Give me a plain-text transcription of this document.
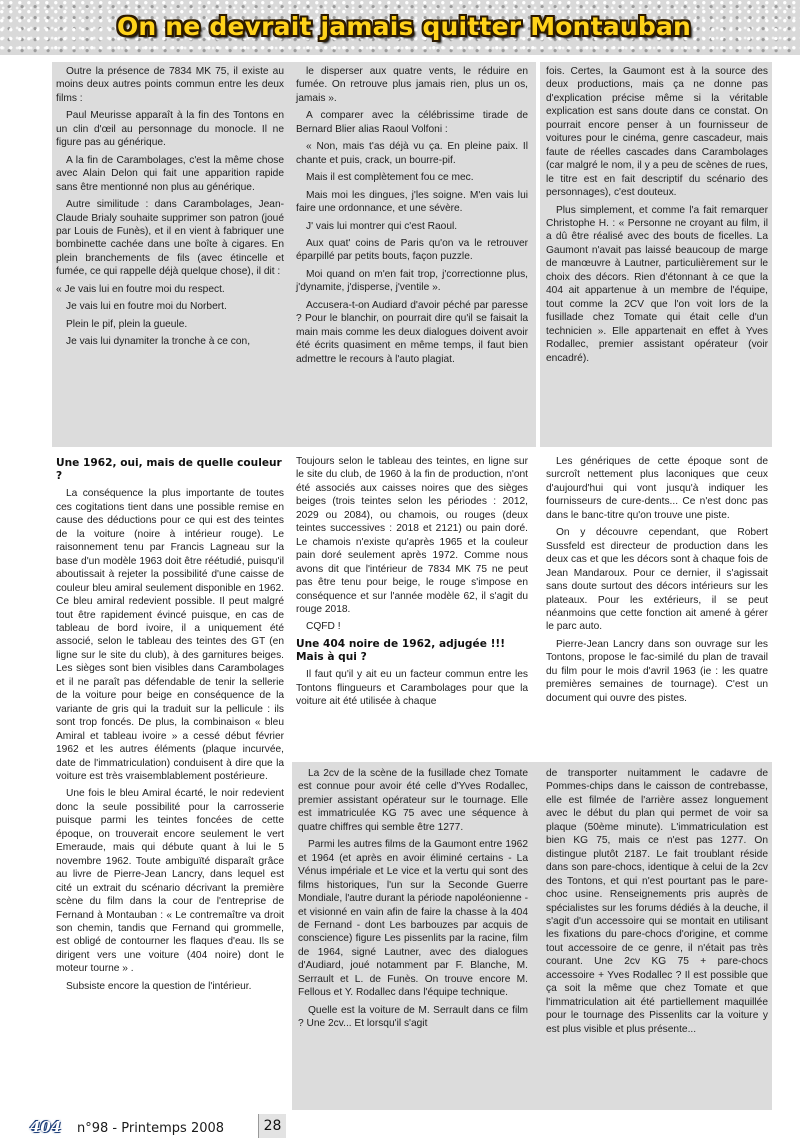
On ne devrait jamais quitter Montauban

Outre la présence de 7834 MK 75, il existe au moins deux autres points commun entre les deux films :

Paul Meurisse apparaît à la fin des Tontons en un clin d'œil au personnage du monocle. Il ne figure pas au générique.

A la fin de Carambolages, c'est la même chose avec Alain Delon qui fait une apparition rapide sans être mentionné non plus au générique.

Autre similitude : dans Carambolages, Jean-Claude Brialy souhaite supprimer son patron (joué par Louis de Funès), et il en vient à fabriquer une bombinette cachée dans une boîte à cigares. En plein branchements de fils (avec étincelle et fumée, ce qui rappelle déjà quelque chose), il dit :

« Je vais lui en foutre moi du respect.

Je vais lui en foutre moi du Norbert.

Plein le pif, plein la gueule.

Je vais lui dynamiter la tronche à ce con,

le disperser aux quatre vents, le réduire en fumée. On retrouve plus jamais rien, plus un os, jamais ».

A comparer avec la célébrissime tirade de Bernard Blier alias Raoul Volfoni :

« Non, mais t'as déjà vu ça. En pleine paix. Il chante et puis, crack, un bourre-pif.

Mais il est complètement fou ce mec.

Mais moi les dingues, j'les soigne. M'en vais lui faire une ordonnance, et une sévère.

J' vais lui montrer qui c'est Raoul.

Aux quat' coins de Paris qu'on va le retrouver éparpillé par petits bouts, façon puzzle.

Moi quand on m'en fait trop, j'correctionne plus, j'dynamite, j'disperse, j'ventile ».

Accusera-t-on Audiard d'avoir péché par paresse ? Pour le blanchir, on pourrait dire qu'il se faisait la main mais comme les deux dialogues doivent avoir été écrits quasiment en même temps, il faut bien admettre le recours à l'auto plagiat.

fois. Certes, la Gaumont est à la source des deux productions, mais ça ne donne pas d'explication précise même si la véritable explication est sans doute dans ce constat. On pourrait encore penser à un fournisseur de voitures pour le cinéma, genre cascadeur, mais faute de réelles cascades dans Carambolages (car malgré le nom, il y a peu de scènes de rues, le titre est en fait descriptif du scénario des personnages), c'est douteux.

Plus simplement, et comme l'a fait remarquer Christophe H. : « Personne ne croyant au film, il a dû être réalisé avec des bouts de ficelles. La Gaumont n'avait pas laissé beaucoup de marge de manœuvre à Lautner, particulièrement sur le choix des décors. Rien d'étonnant à ce que la 404 ait appartenue à un membre de l'équipe, tout comme la 2CV que l'on voit lors de la fusillade chez Tomate qui était celle d'un technicien ». Elle appartenait en effet à Yves Rodallec, premier assistant opérateur (voir encadré).

Une 1962, oui, mais de quelle couleur ?

La conséquence la plus importante de toutes ces cogitations tient dans une possible remise en cause des déductions pour ce qui est des teintes de la voiture (noire à intérieur rouge). Le raisonnement tenu par Francis Lagneau sur la base d'un modèle 1963 doit être réétudié, puisqu'il aboutissait à rejeter la possibilité d'une caisse de couleur bleu amiral seulement disponible en 1962. Ce bleu amiral redevient possible. Il peut malgré tout être rapidement évincé puisque, en cas de tableau de bord ivoire, il a uniquement été associé, selon le tableau des teintes des GT (en ligne sur le site du club), à des garnitures beiges. Les sièges sont bien visibles dans Carambolages et il ne paraît pas défendable de tenir la sellerie de la voiture pour beige en conséquence de la variante de gris qui la traduit sur la pellicule : ils sont trop foncés. De plus, la combinaison « bleu Amiral et tableau ivoire » a cessé début février 1962 et les autres éléments (plaque incurvée, date de l'immatriculation) conduisent à dire que la voiture est très vraisemblablement postérieure.

Une fois le bleu Amiral écarté, le noir redevient donc la seule possibilité pour la carrosserie puisque parmi les teintes foncées de cette époque, on trouverait encore seulement le vert Emeraude, mais qui débute quant à lui le 5 novembre 1962. Toute ambiguïté disparaît grâce au livre de Pierre-Jean Lancry, dans lequel est cité un extrait du scénario décrivant la première scène du film dans la cour de l'entreprise de Fernand à Montauban : « Le contremaître va droit son chemin, tandis que Fernand qui grommelle, est obligé de contourner les flaques d'eau. Ils se dirigent vers une voiture (404 noire) dont le moteur tourne » .

Subsiste encore la question de l'intérieur.

Toujours selon le tableau des teintes, en ligne sur le site du club, de 1960 à la fin de production, n'ont été associés aux caisses noires que des sièges beiges (trois teintes selon les périodes : 2012, 2029 ou 2084), ou chamois, ou rouges (deux teintes successives : 2018 et 2121) ou pain doré. Le chamois n'existe qu'après 1965 et la couleur pain doré seulement après 1972. Comme nous avons dit que l'intérieur de 7834 MK 75 ne peut pas être tenu pour beige, le rouge s'impose en conséquence et sur l'année modèle 62, il s'agit du rouge 2018.

CQFD !

Une 404 noire de 1962, adjugée !!! Mais à qui ?

Il faut qu'il y ait eu un facteur commun entre les Tontons flingueurs et Carambolages pour que la voiture ait été utilisée à chaque

Les génériques de cette époque sont de surcroît nettement plus laconiques que ceux d'aujourd'hui qui vont jusqu'à indiquer les fournisseurs de cure-dents... Ce n'est donc pas dans le banc-titre qu'on trouve une piste.

On y découvre cependant, que Robert Sussfeld est directeur de production dans les deux cas et que les décors sont à chaque fois de Jean Mandaroux. Pour ce dernier, il s'agissait sans doute surtout des décors intérieurs sur les plateaux. Pour les extérieurs, il se peut néanmoins que cette fonction ait amené à gérer le parc auto.

Pierre-Jean Lancry dans son ouvrage sur les Tontons, propose le fac-similé du plan de travail du film pour le mois d'avril 1963 (ie : les quatre premières semaines de tournage). C'est un document qui ouvre des pistes.

La 2cv de la scène de la fusillade chez Tomate est connue pour avoir été celle d'Yves Rodallec, premier assistant opérateur sur le tournage. Elle est immatriculée KG 75 avec une séquence à quatre chiffres qui semble être 1277.

Parmi les autres films de la Gaumont entre 1962 et 1964 (et après en avoir éliminé certains - La Vénus impériale et Le vice et la vertu qui sont des films historiques, l'un sur la Seconde Guerre Mondiale, l'autre durant la période napoléonienne - et visionné en vain afin de faire la chasse à la 404 de Fernand - dont Les barbouzes par acquis de conscience) figure Les pissenlits par la racine, film de 1964, signé Lautner, avec des dialogues d'Audiard, joué notamment par F. Blanche, M. Serrault et L. de Funès. On trouve encore M. Fellous et Y. Rodallec dans l'équipe technique.

Quelle est la voiture de M. Serrault dans ce film ? Une 2cv... Et lorsqu'il s'agit

de transporter nuitamment le cadavre de Pommes-chips dans le caisson de contrebasse, elle est filmée de l'arrière assez longuement avec le début du plan qui permet de voir sa plaque (50ème minute). L'immatriculation est bien KG 75, mais ce n'est pas 1277. On distingue plutôt 2187. Le fait troublant réside dans son pare-chocs, identique à celui de la 2cv des Tontons, et qui n'est pourtant pas le pare-choc usine. Renseignements pris auprès de spécialistes sur les forums dédiés à la deuche, il s'agit d'un accessoire qui se montait en utilisant les fixations du pare-chocs d'origine, et comme tout accessoire de ce genre, il n'était pas très courant. Une 2cv KG 75 + pare-chocs accessoire + Yves Rodallec ? Il est possible que ça soit la même que chez Tomate et que l'immatriculation ait été partiellement maquillée pour le tournage des Pissenlits car la voiture y est plus visible et plus présente...

404 n°98 - Printemps 2008	28
